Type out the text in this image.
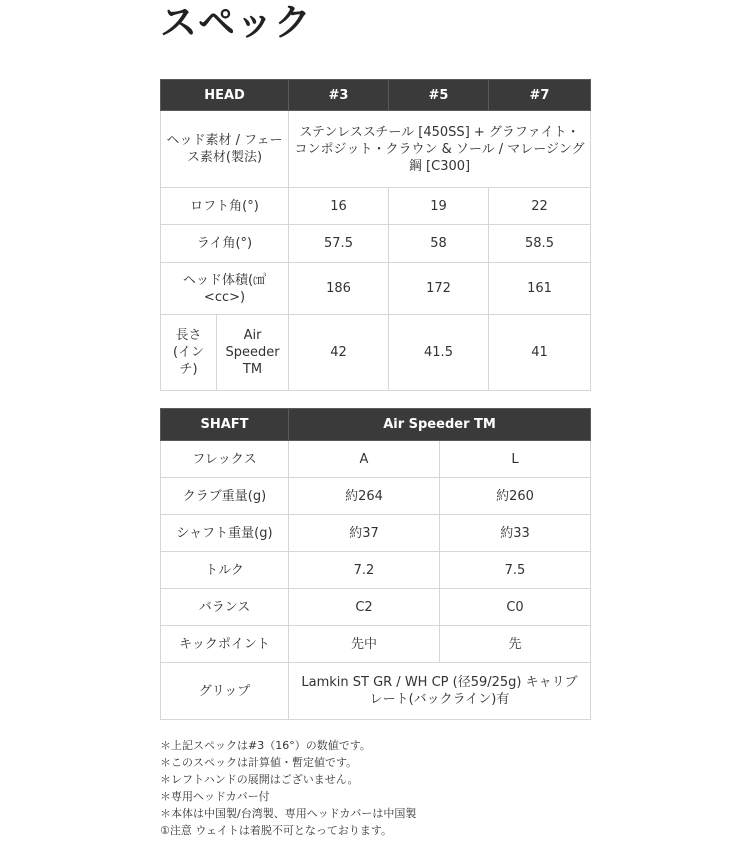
スペック
HEAD		#3	#5	#7
ヘッド素材 / フェース素材(製法)		ステンレススチール [450SS] + グラファイト・コンポジット・クラウン & ソール / マレージング鋼 [C300]		
ロフト角(°)		16	19	22
ライ角(°)		57.5	58	58.5
ヘッド体積(㎤<cc>)		186	172	161
長さ(インチ)	Air Speeder TM	42	41.5	41
SHAFT	Air Speeder TM	
フレックス	A	L
クラブ重量(g)	約264	約260
シャフト重量(g)	約37	約33
トルク	7.2	7.5
バランス	C2	C0
キックポイント	先中	先
グリップ	Lamkin ST GR / WH CP (径59/25g) キャリブレート(バックライン)有	
＊上記スペックは#3（16°）の数値です。
＊このスペックは計算値・暫定値です。
＊レフトハンドの展開はございません。
＊専用ヘッドカバー付
＊本体は中国製/台湾製、専用ヘッドカバーは中国製
①注意 ウェイトは着脱不可となっております。
